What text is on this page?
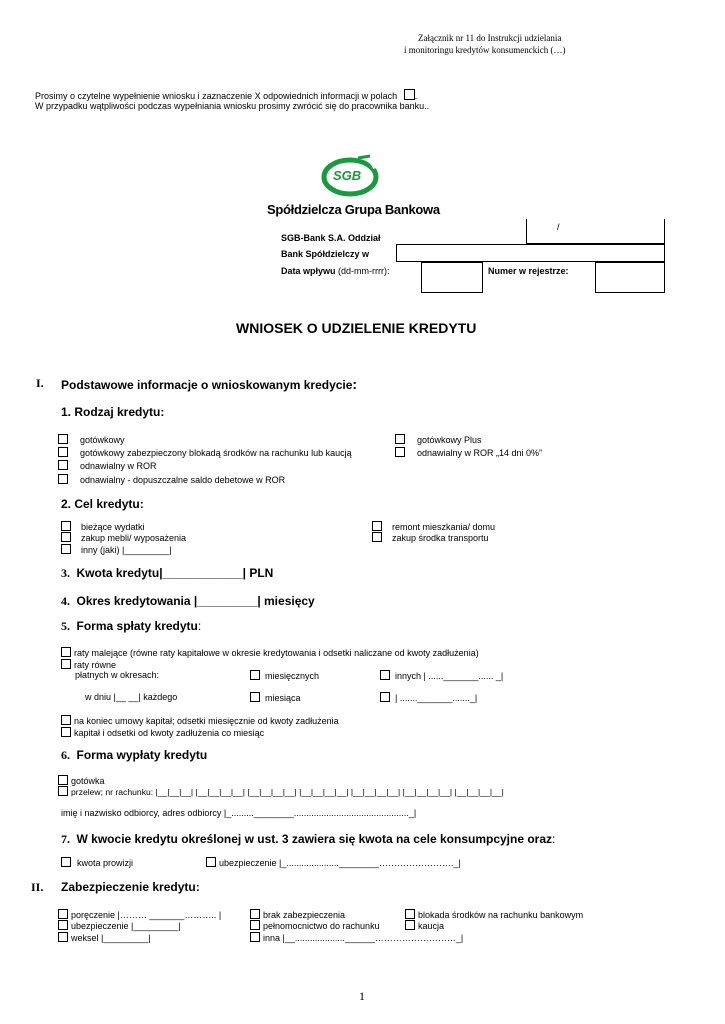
Załącznik nr 11 do Instrukcji udzielania
i monitoringu kredytów konsumenckich (…)
Prosimy o czytelne wypełnienie wniosku i zaznaczenie X odpowiednich informacji w polach .
W przypadku wątpliwości podczas wypełniania wniosku prosimy zwrócić się do pracownika banku..
SGB
Spółdzielcza Grupa Bankowa
/
SGB-Bank S.A. Oddział
Bank Spółdzielczy w
Data wpływu (dd-mm-rrrr):	Numer w rejestrze:
WNIOSEK O UDZIELENIE KREDYTU
I. Podstawowe informacje o wnioskowanym kredycie:
1. Rodzaj kredytu:
gotówkowy
gotówkowy zabezpieczony blokadą środków na rachunku lub kaucją
odnawialny w ROR
odnawialny - dopuszczalne saldo debetowe w ROR
gotówkowy Plus
odnawialny w ROR „14 dni 0%”
2. Cel kredytu:
bieżące wydatki
zakup mebli/ wyposażenia
inny (jaki) |_________|
remont mieszkania/ domu
zakup środka transportu
3. Kwota kredytu|____________| PLN
4. Okres kredytowania |_________| miesięcy
5. Forma spłaty kredytu:
raty malejące (równe raty kapitałowe w okresie kredytowania i odsetki naliczane od kwoty zadłużenia)
raty równe
płatnych w okresach:	miesięcznych	innych | ......_______...... _|
w dniu |__ __| każdego	miesiąca	| ......._______......._|
na koniec umowy kapitał; odsetki miesięcznie od kwoty zadłużenia
kapitał i odsetki od kwoty zadłużenia co miesiąc
6. Forma wypłaty kredytu
gotówka
przelew; nr rachunku: |__|__|__| |__|__|__|__| |__|__|__|__| |__|__|__|__| |__|__|__|__| |__|__|__|__| |__|__|__|__|
imię i nazwisko odbiorcy, adres odbiorcy |_.........________.............................................._|
7. W kwocie kredytu określonej w ust. 3 zawiera się kwota na cele konsumpcyjne oraz:
kwota prowizji	ubezpieczenie |_.....................________……………………._|
II. Zabezpieczenie kredytu:
poręczenie |……… _______……….. |
ubezpieczenie |_________|
weksel |_________|
brak zabezpieczenia
pełnomocnictwo do rachunku
inna |__....................______………………………_|
blokada środków na rachunku bankowym
kaucja
1
